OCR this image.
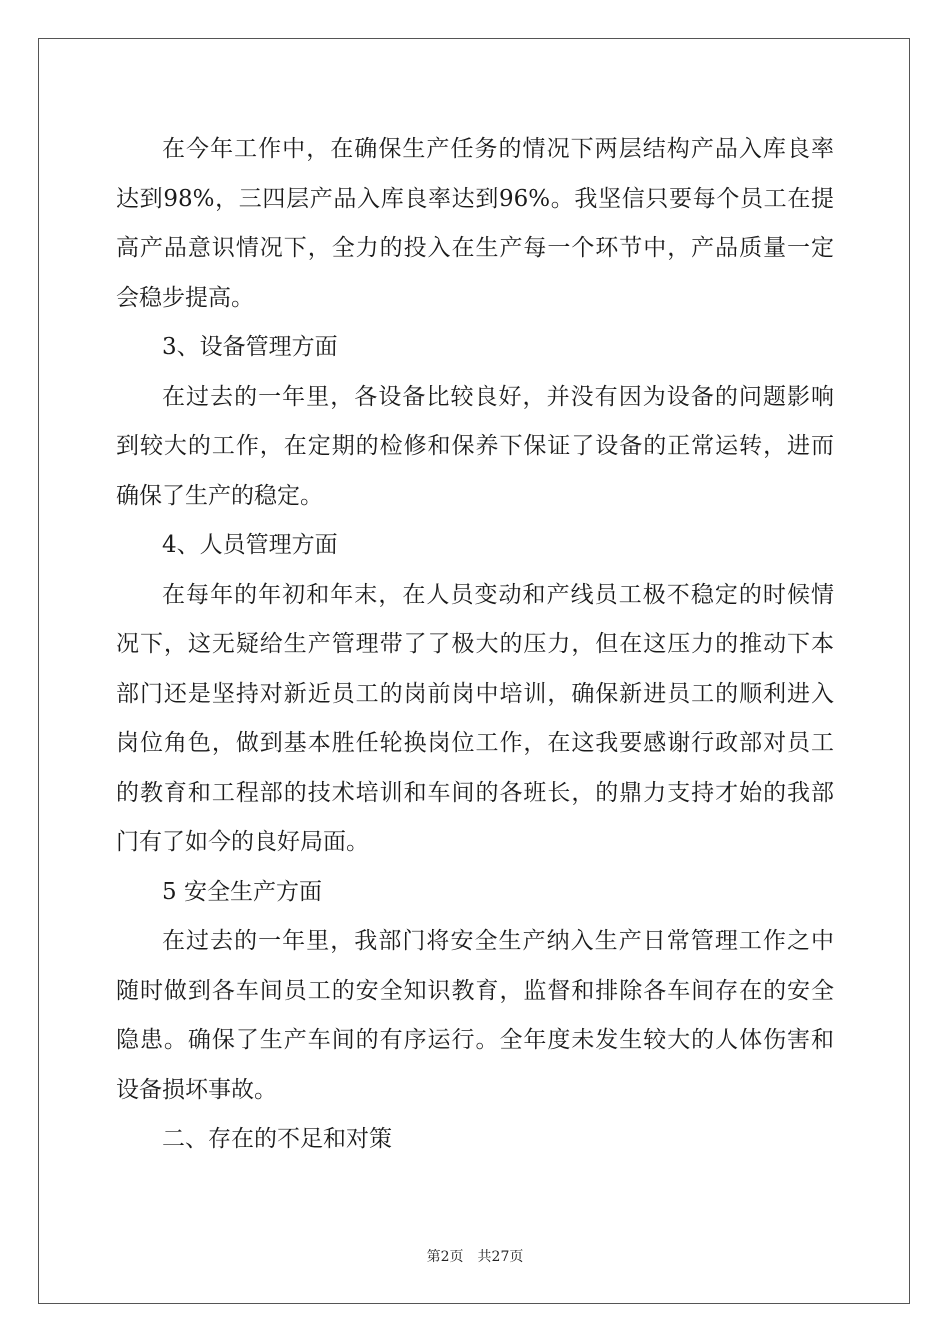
在今年工作中，在确保生产任务的情况下两层结构产品入库良率
达到98%，三四层产品入库良率达到96%。我坚信只要每个员工在提
高产品意识情况下，全力的投入在生产每一个环节中，产品质量一定
会稳步提高。
3、设备管理方面
在过去的一年里，各设备比较良好，并没有因为设备的问题影响
到较大的工作，在定期的检修和保养下保证了设备的正常运转，进而
确保了生产的稳定。
4、人员管理方面
在每年的年初和年末，在人员变动和产线员工极不稳定的时候情
况下，这无疑给生产管理带了了极大的压力，但在这压力的推动下本
部门还是坚持对新近员工的岗前岗中培训，确保新进员工的顺利进入
岗位角色，做到基本胜任轮换岗位工作，在这我要感谢行政部对员工
的教育和工程部的技术培训和车间的各班长，的鼎力支持才始的我部
门有了如今的良好局面。
5 安全生产方面
在过去的一年里，我部门将安全生产纳入生产日常管理工作之中
随时做到各车间员工的安全知识教育，监督和排除各车间存在的安全
隐患。确保了生产车间的有序运行。全年度未发生较大的人体伤害和
设备损坏事故。
二、存在的不足和对策
第2页 共27页
